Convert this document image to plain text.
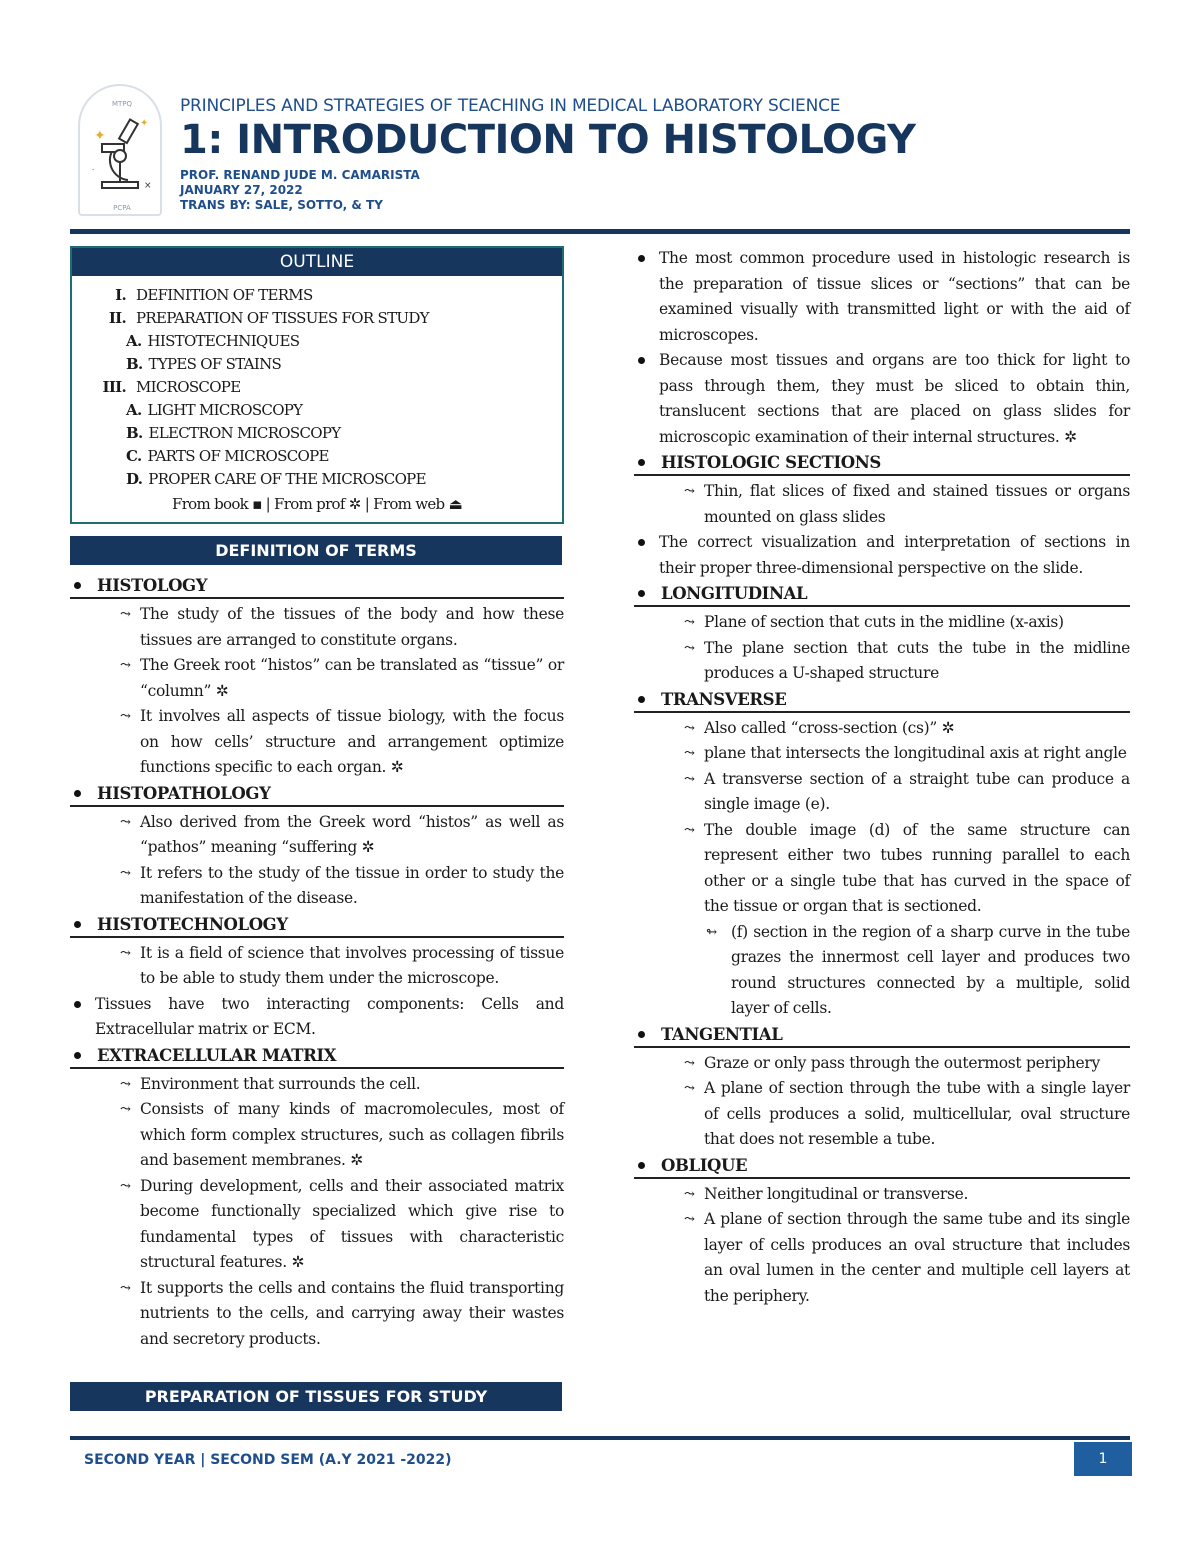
MTPQ
PCPA
✦
✦
×
·
PRINCIPLES AND STRATEGIES OF TEACHING IN MEDICAL LABORATORY SCIENCE
1: INTRODUCTION TO HISTOLOGY
PROF. RENAND JUDE M. CAMARISTA
JANUARY 27, 2022
TRANS BY: SALE, SOTTO, & TY
OUTLINE
I. DEFINITION OF TERMS
II. PREPARATION OF TISSUES FOR STUDY
A. HISTOTECHNIQUES
B. TYPES OF STAINS
III. MICROSCOPE
A. LIGHT MICROSCOPY
B. ELECTRON MICROSCOPY
C. PARTS OF MICROSCOPE
D. PROPER CARE OF THE MICROSCOPE
From book ▪ | From prof ✲ | From web ⏏
DEFINITION OF TERMS
HISTOLOGY
⤳ The study of the tissues of the body and how these tissues are arranged to constitute organs.
⤳ The Greek root “histos” can be translated as “tissue” or “column” ✲
⤳ It involves all aspects of tissue biology, with the focus on how cells’ structure and arrangement optimize functions specific to each organ. ✲
HISTOPATHOLOGY
⤳ Also derived from the Greek word “histos” as well as “pathos” meaning “suffering ✲
⤳ It refers to the study of the tissue in order to study the manifestation of the disease.
HISTOTECHNOLOGY
⤳ It is a field of science that involves processing of tissue to be able to study them under the microscope.
Tissues have two interacting components: Cells and Extracellular matrix or ECM.
EXTRACELLULAR MATRIX
⤳ Environment that surrounds the cell.
⤳ Consists of many kinds of macromolecules, most of which form complex structures, such as collagen fibrils and basement membranes. ✲
⤳ During development, cells and their associated matrix become functionally specialized which give rise to fundamental types of tissues with characteristic structural features. ✲
⤳ It supports the cells and contains the fluid transporting nutrients to the cells, and carrying away their wastes and secretory products.
PREPARATION OF TISSUES FOR STUDY
The most common procedure used in histologic research is the preparation of tissue slices or “sections” that can be examined visually with transmitted light or with the aid of microscopes.
Because most tissues and organs are too thick for light to pass through them, they must be sliced to obtain thin, translucent sections that are placed on glass slides for microscopic examination of their internal structures. ✲
HISTOLOGIC SECTIONS
⤳ Thin, flat slices of fixed and stained tissues or organs mounted on glass slides
The correct visualization and interpretation of sections in their proper three-dimensional perspective on the slide.
LONGITUDINAL
⤳ Plane of section that cuts in the midline (x-axis)
⤳ The plane section that cuts the tube in the midline produces a U-shaped structure
TRANSVERSE
⤳ Also called “cross-section (cs)” ✲
⤳ plane that intersects the longitudinal axis at right angle
⤳ A transverse section of a straight tube can produce a single image (e).
⤳ The double image (d) of the same structure can represent either two tubes running parallel to each other or a single tube that has curved in the space of the tissue or organ that is sectioned.
↬ (f) section in the region of a sharp curve in the tube grazes the innermost cell layer and produces two round structures connected by a multiple, solid layer of cells.
TANGENTIAL
⤳ Graze or only pass through the outermost periphery
⤳ A plane of section through the tube with a single layer of cells produces a solid, multicellular, oval structure that does not resemble a tube.
OBLIQUE
⤳ Neither longitudinal or transverse.
⤳ A plane of section through the same tube and its single layer of cells produces an oval structure that includes an oval lumen in the center and multiple cell layers at the periphery.
SECOND YEAR | SECOND SEM (A.Y 2021 -2022)	1
